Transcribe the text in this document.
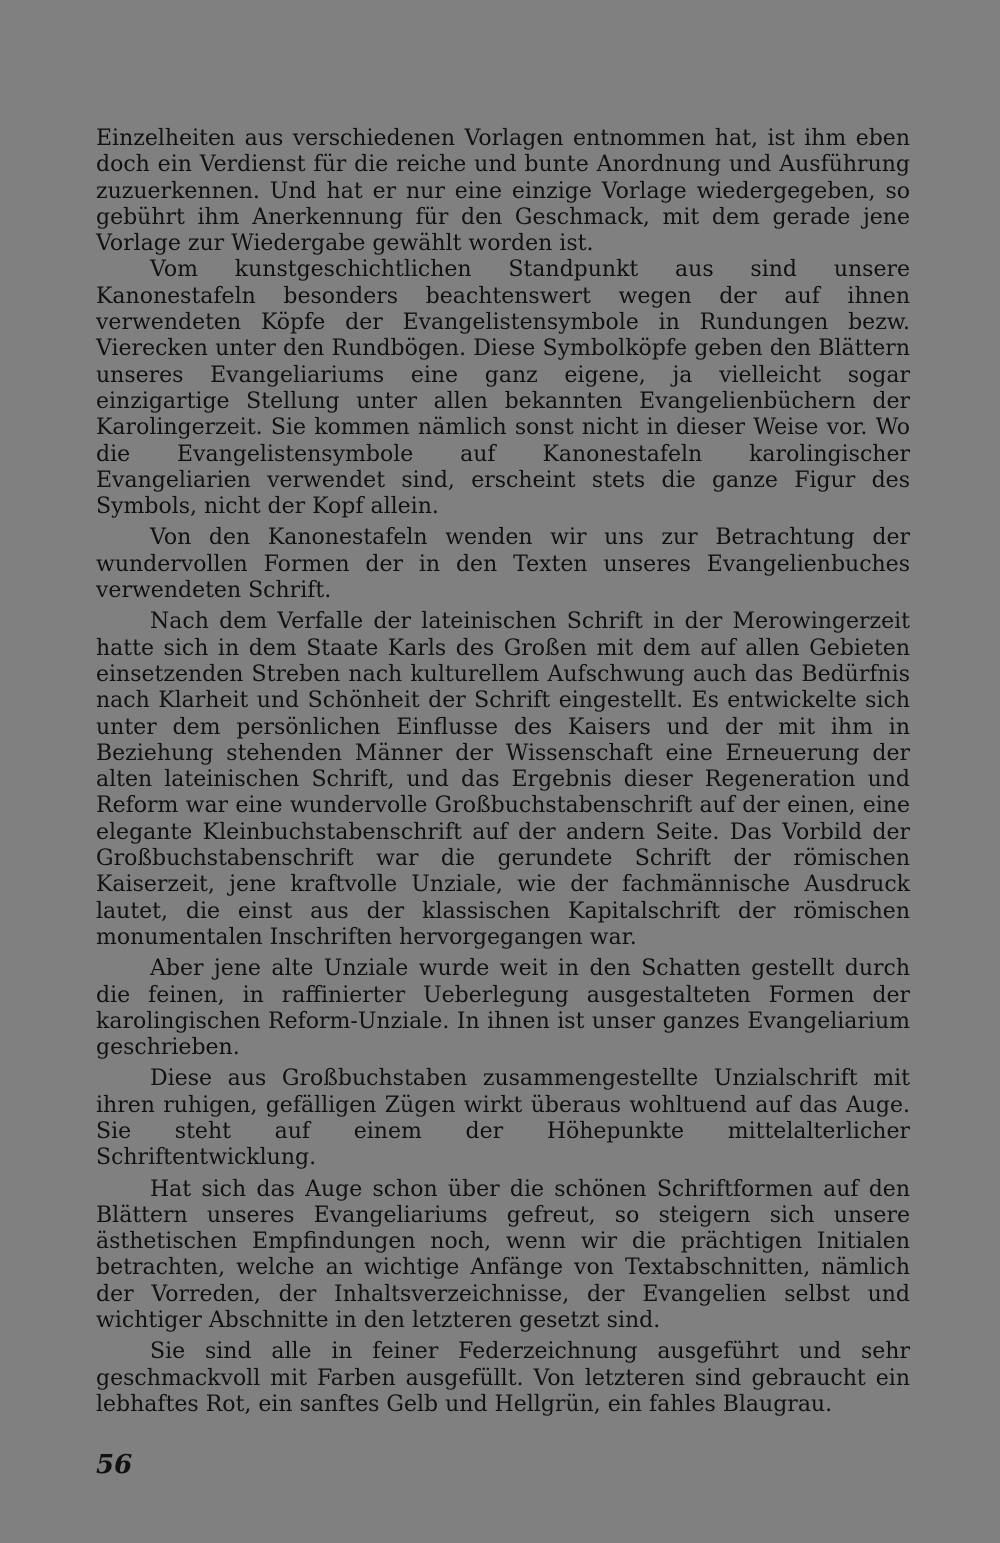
Einzelheiten aus verschiedenen Vorlagen entnommen hat, ist ihm eben doch ein Verdienst für die reiche und bunte Anordnung und Ausführung zuzuerkennen. Und hat er nur eine einzige Vorlage wiedergegeben, so gebührt ihm Anerkennung für den Geschmack, mit dem gerade jene Vorlage zur Wiedergabe gewählt worden ist.

Vom kunstgeschichtlichen Standpunkt aus sind unsere Kanonestafeln besonders beachtenswert wegen der auf ihnen verwendeten Köpfe der Evangelistensymbole in Rundungen bezw. Vierecken unter den Rundbögen. Diese Symbolköpfe geben den Blättern unseres Evangeliariums eine ganz eigene, ja vielleicht sogar einzigartige Stellung unter allen bekannten Evangelienbüchern der Karolingerzeit. Sie kommen nämlich sonst nicht in dieser Weise vor. Wo die Evangelistensymbole auf Kanonestafeln karolingischer Evangeliarien verwendet sind, erscheint stets die ganze Figur des Symbols, nicht der Kopf allein.

Von den Kanonestafeln wenden wir uns zur Betrachtung der wundervollen Formen der in den Texten unseres Evangelienbuches verwendeten Schrift.

Nach dem Verfalle der lateinischen Schrift in der Merowingerzeit hatte sich in dem Staate Karls des Großen mit dem auf allen Gebieten einsetzenden Streben nach kulturellem Aufschwung auch das Bedürfnis nach Klarheit und Schönheit der Schrift eingestellt. Es entwickelte sich unter dem persönlichen Einflusse des Kaisers und der mit ihm in Beziehung stehenden Männer der Wissenschaft eine Erneuerung der alten lateinischen Schrift, und das Ergebnis dieser Regeneration und Reform war eine wundervolle Großbuchstabenschrift auf der einen, eine elegante Kleinbuchstabenschrift auf der andern Seite. Das Vorbild der Großbuchstabenschrift war die gerundete Schrift der römischen Kaiserzeit, jene kraftvolle Unziale, wie der fachmännische Ausdruck lautet, die einst aus der klassischen Kapitalschrift der römischen monumentalen Inschriften hervorgegangen war.

Aber jene alte Unziale wurde weit in den Schatten gestellt durch die feinen, in raffinierter Ueberlegung ausgestalteten Formen der karolingischen Reform-Unziale. In ihnen ist unser ganzes Evangeliarium geschrieben.

Diese aus Großbuchstaben zusammengestellte Unzialschrift mit ihren ruhigen, gefälligen Zügen wirkt überaus wohltuend auf das Auge. Sie steht auf einem der Höhepunkte mittelalterlicher Schriftentwicklung.

Hat sich das Auge schon über die schönen Schriftformen auf den Blättern unseres Evangeliariums gefreut, so steigern sich unsere ästhetischen Empfindungen noch, wenn wir die prächtigen Initialen betrachten, welche an wichtige Anfänge von Textabschnitten, nämlich der Vorreden, der Inhaltsverzeichnisse, der Evangelien selbst und wichtiger Abschnitte in den letzteren gesetzt sind.

Sie sind alle in feiner Federzeichnung ausgeführt und sehr geschmackvoll mit Farben ausgefüllt. Von letzteren sind gebraucht ein lebhaftes Rot, ein sanftes Gelb und Hellgrün, ein fahles Blaugrau.

56
